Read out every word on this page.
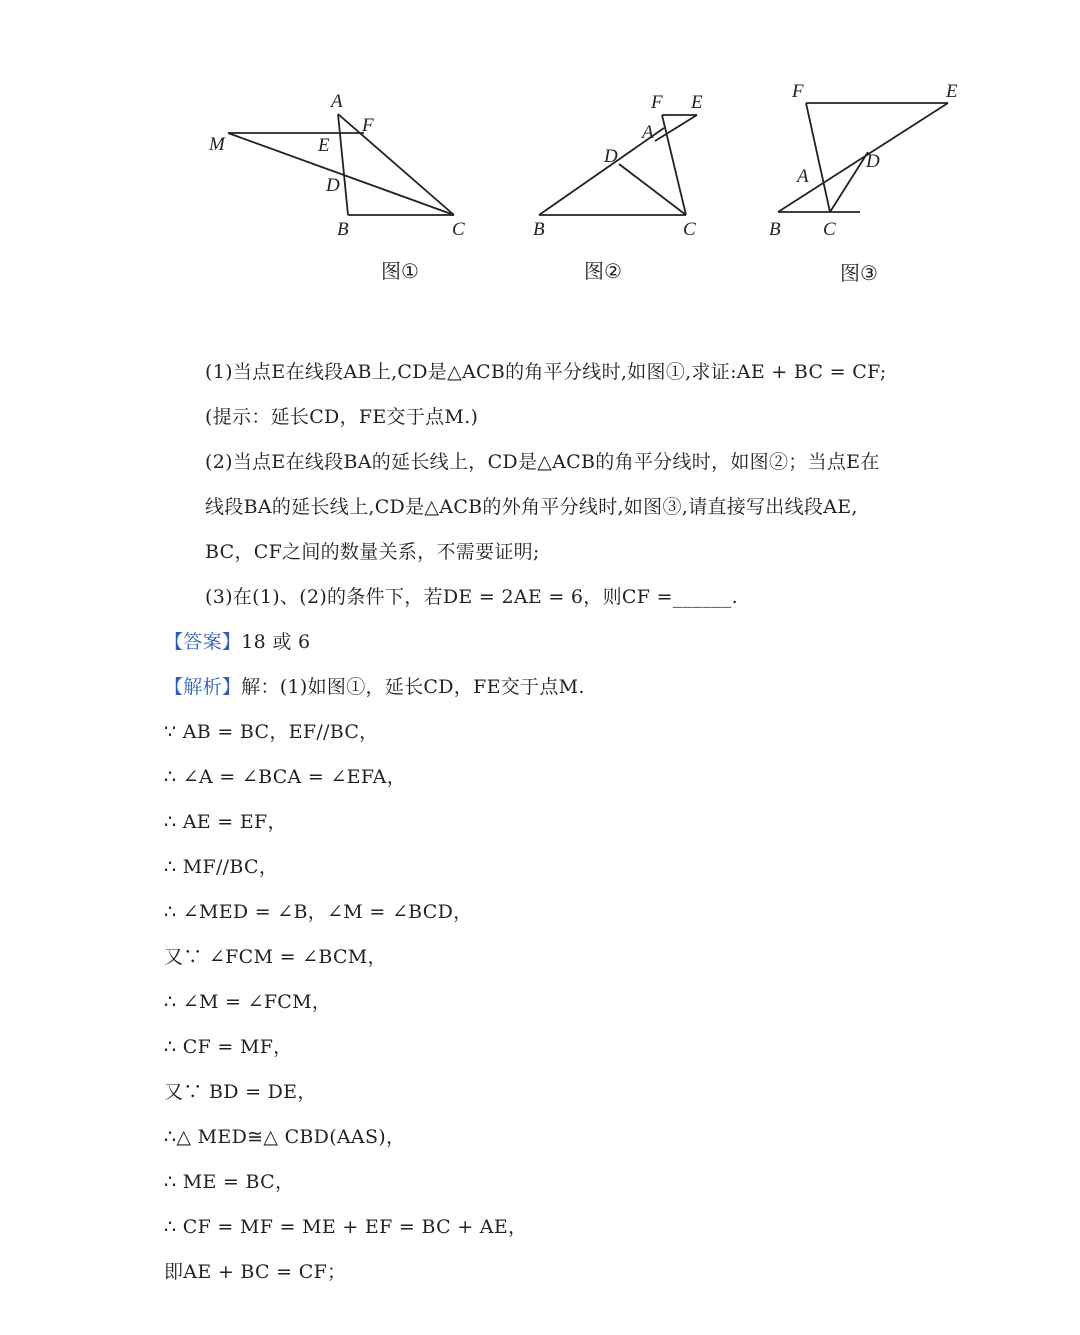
A
F
M	E
D
B	C
图①
F E
A
D
B	C
图②
F	E
D
A
B C
图③
(1)当点E在线段AB上,CD是△ACB的角平分线时,如图①,求证:AE + BC = CF;
(提示：延长CD，FE交于点M.)
(2)当点E在线段BA的延长线上，CD是△ACB的角平分线时，如图②；当点E在
线段BA的延长线上,CD是△ACB的外角平分线时,如图③,请直接写出线段AE,
BC，CF之间的数量关系，不需要证明;
(3)在(1)、(2)的条件下，若DE = 2AE = 6，则CF =______.
【答案】18 或 6
【解析】解：(1)如图①，延长CD，FE交于点M.
∵ AB = BC，EF//BC，
∴ ∠A = ∠BCA = ∠EFA，
∴ AE = EF，
∴ MF//BC，
∴ ∠MED = ∠B，∠M = ∠BCD，
又∵ ∠FCM = ∠BCM，
∴ ∠M = ∠FCM，
∴ CF = MF，
又∵ BD = DE，
∴△ MED≅△ CBD(AAS)，
∴ ME = BC，
∴ CF = MF = ME + EF = BC + AE，
即AE + BC = CF；
